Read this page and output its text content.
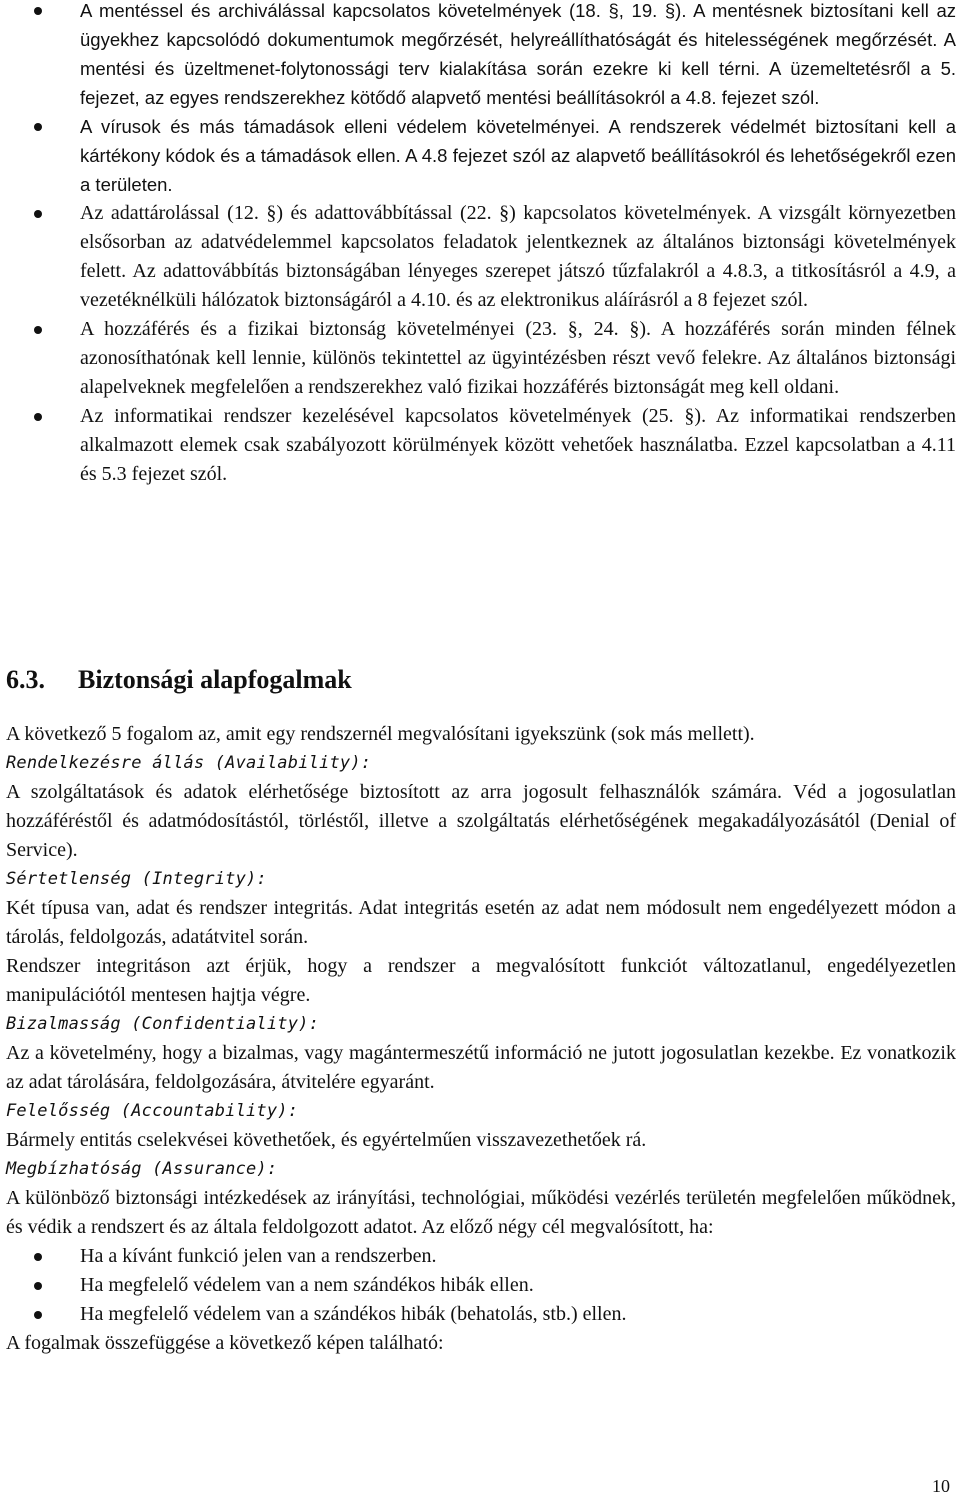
A mentéssel és archiválással kapcsolatos követelmények (18. §, 19. §). A mentésnek biztosítani kell az ügyekhez kapcsolódó dokumentumok megőrzését, helyreállíthatóságát és hitelességének megőrzését. A mentési és üzeltmenet-folytonossági terv kialakítása során ezekre ki kell térni. A üzemeltetésről a 5. fejezet, az egyes rendszerekhez kötődő alapvető mentési beállításokról a 4.8. fejezet szól.
A vírusok és más támadások elleni védelem követelményei. A rendszerek védelmét biztosítani kell a kártékony kódok és a támadások ellen. A 4.8 fejezet szól az alapvető beállításokról és lehetőségekről ezen a területen.
Az adattárolással (12. §) és adattovábbítással (22. §) kapcsolatos követelmények. A vizsgált környezetben elsősorban az adatvédelemmel kapcsolatos feladatok jelentkeznek az általános biztonsági követelmények felett. Az adattovábbítás biztonságában lényeges szerepet játszó tűzfalakról a 4.8.3, a titkosításról a 4.9, a vezetéknélküli hálózatok biztonságáról a 4.10. és az elektronikus aláírásról a 8 fejezet szól.
A hozzáférés és a fizikai biztonság követelményei (23. §, 24. §). A hozzáférés során minden félnek azonosíthatónak kell lennie, különös tekintettel az ügyintézésben részt vevő felekre. Az általános biztonsági alapelveknek megfelelően a rendszerekhez való fizikai hozzáférés biztonságát meg kell oldani.
Az informatikai rendszer kezelésével kapcsolatos követelmények (25. §). Az informatikai rendszerben alkalmazott elemek csak szabályozott körülmények között vehetőek használatba. Ezzel kapcsolatban a 4.11 és 5.3 fejezet szól.
6.3. Biztonsági alapfogalmak

A következő 5 fogalom az, amit egy rendszernél megvalósítani igyekszünk (sok más mellett).

Rendelkezésre állás (Availability):

A szolgáltatások és adatok elérhetősége biztosított az arra jogosult felhasználók számára. Véd a jogosulatlan hozzáféréstől és adatmódosítástól, törléstől, illetve a szolgáltatás elérhetőségének megakadályozásától (Denial of Service).

Sértetlenség (Integrity):

Két típusa van, adat és rendszer integritás. Adat integritás esetén az adat nem módosult nem engedélyezett módon a tárolás, feldolgozás, adatátvitel során.

Rendszer integritáson azt érjük, hogy a rendszer a megvalósított funkciót változatlanul, engedélyezetlen manipulációtól mentesen hajtja végre.

Bizalmasság (Confidentiality):

Az a követelmény, hogy a bizalmas, vagy magántermeszétű információ ne jutott jogosulatlan kezekbe. Ez vonatkozik az adat tárolására, feldolgozására, átvitelére egyaránt.

Felelősség (Accountability):

Bármely entitás cselekvései követhetőek, és egyértelműen visszavezethetőek rá.

Megbízhatóság (Assurance):

A különböző biztonsági intézkedések az irányítási, technológiai, működési vezérlés területén megfelelően működnek, és védik a rendszert és az általa feldolgozott adatot. Az előző négy cél megvalósított, ha:

Ha a kívánt funkció jelen van a rendszerben.
Ha megfelelő védelem van a nem szándékos hibák ellen.
Ha megfelelő védelem van a szándékos hibák (behatolás, stb.) ellen.

A fogalmak összefüggése a következő képen található:

10
